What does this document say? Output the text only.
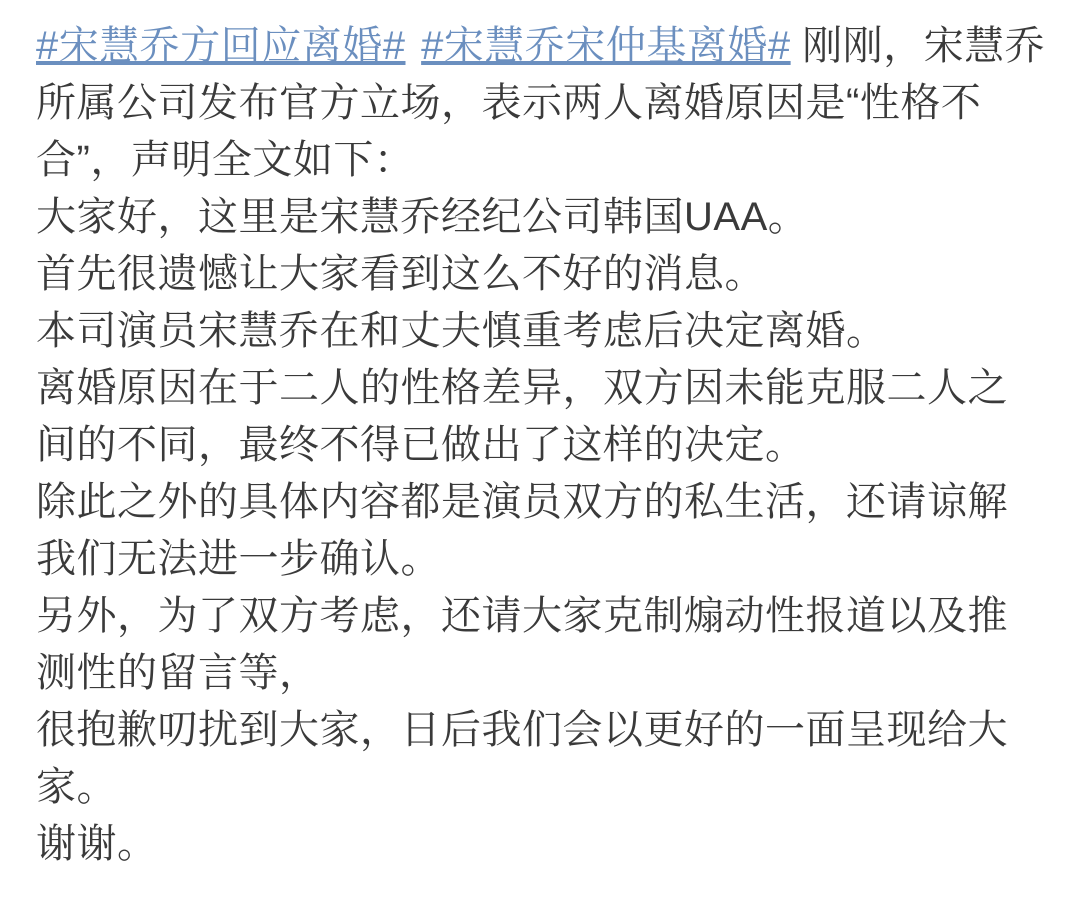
#宋慧乔方回应离婚# #宋慧乔宋仲基离婚# 刚刚，宋慧乔所属公司发布官方立场，表示两人离婚原因是“性格不合”，声明全文如下：

大家好，这里是宋慧乔经纪公司韩国UAA。

首先很遗憾让大家看到这么不好的消息。

本司演员宋慧乔在和丈夫慎重考虑后决定离婚。

离婚原因在于二人的性格差异，双方因未能克服二人之间的不同，最终不得已做出了这样的决定。

除此之外的具体内容都是演员双方的私生活，还请谅解我们无法进一步确认。

另外，为了双方考虑，还请大家克制煽动性报道以及推测性的留言等，

很抱歉叨扰到大家，日后我们会以更好的一面呈现给大家。

谢谢。
